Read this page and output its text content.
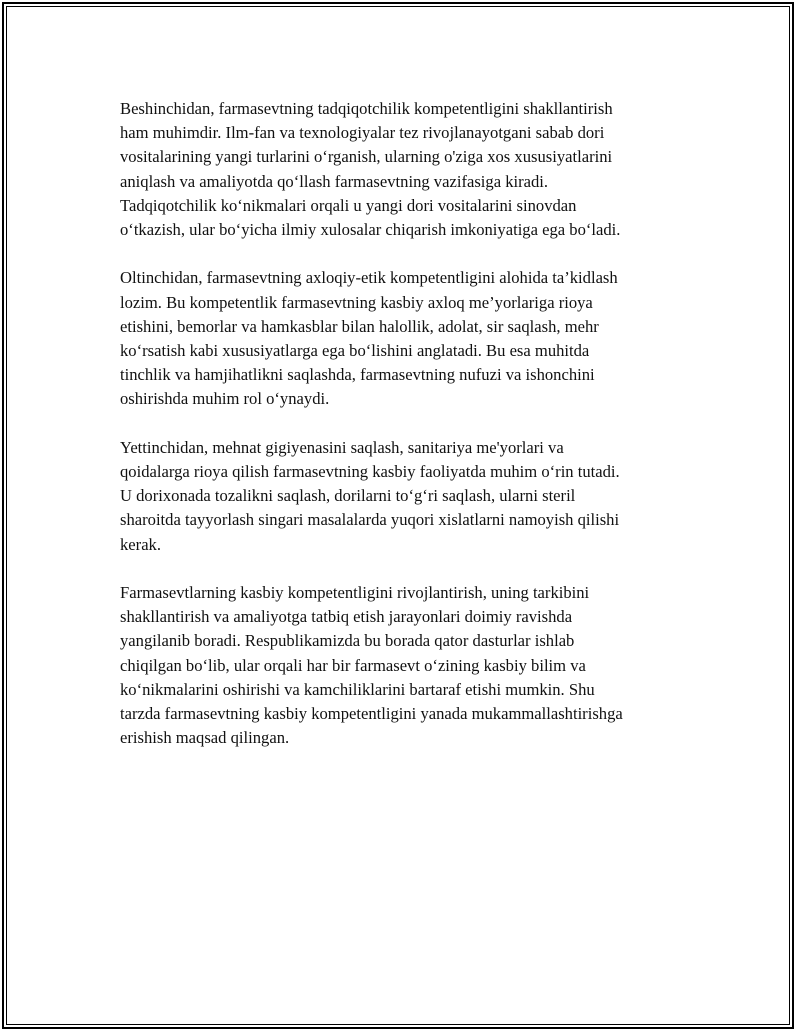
Beshinchidan, farmasevtning tadqiqotchilik kompetentligini shakllantirish
ham muhimdir. Ilm-fan va texnologiyalar tez rivojlanayotgani sabab dori
vositalarining yangi turlarini o‘rganish, ularning o'ziga xos xususiyatlarini
aniqlash va amaliyotda qo‘llash farmasevtning vazifasiga kiradi.
Tadqiqotchilik ko‘nikmalari orqali u yangi dori vositalarini sinovdan
o‘tkazish, ular bo‘yicha ilmiy xulosalar chiqarish imkoniyatiga ega bo‘ladi.

Oltinchidan, farmasevtning axloqiy-etik kompetentligini alohida ta’kidlash
lozim. Bu kompetentlik farmasevtning kasbiy axloq me’yorlariga rioya
etishini, bemorlar va hamkasblar bilan halollik, adolat, sir saqlash, mehr
ko‘rsatish kabi xususiyatlarga ega bo‘lishini anglatadi. Bu esa muhitda
tinchlik va hamjihatlikni saqlashda, farmasevtning nufuzi va ishonchini
oshirishda muhim rol o‘ynaydi.

Yettinchidan, mehnat gigiyenasini saqlash, sanitariya me'yorlari va
qoidalarga rioya qilish farmasevtning kasbiy faoliyatda muhim o‘rin tutadi.
U dorixonada tozalikni saqlash, dorilarni to‘g‘ri saqlash, ularni steril
sharoitda tayyorlash singari masalalarda yuqori xislatlarni namoyish qilishi
kerak.

Farmasevtlarning kasbiy kompetentligini rivojlantirish, uning tarkibini
shakllantirish va amaliyotga tatbiq etish jarayonlari doimiy ravishda
yangilanib boradi. Respublikamizda bu borada qator dasturlar ishlab
chiqilgan bo‘lib, ular orqali har bir farmasevt o‘zining kasbiy bilim va
ko‘nikmalarini oshirishi va kamchiliklarini bartaraf etishi mumkin. Shu
tarzda farmasevtning kasbiy kompetentligini yanada mukammallashtirishga
erishish maqsad qilingan.
